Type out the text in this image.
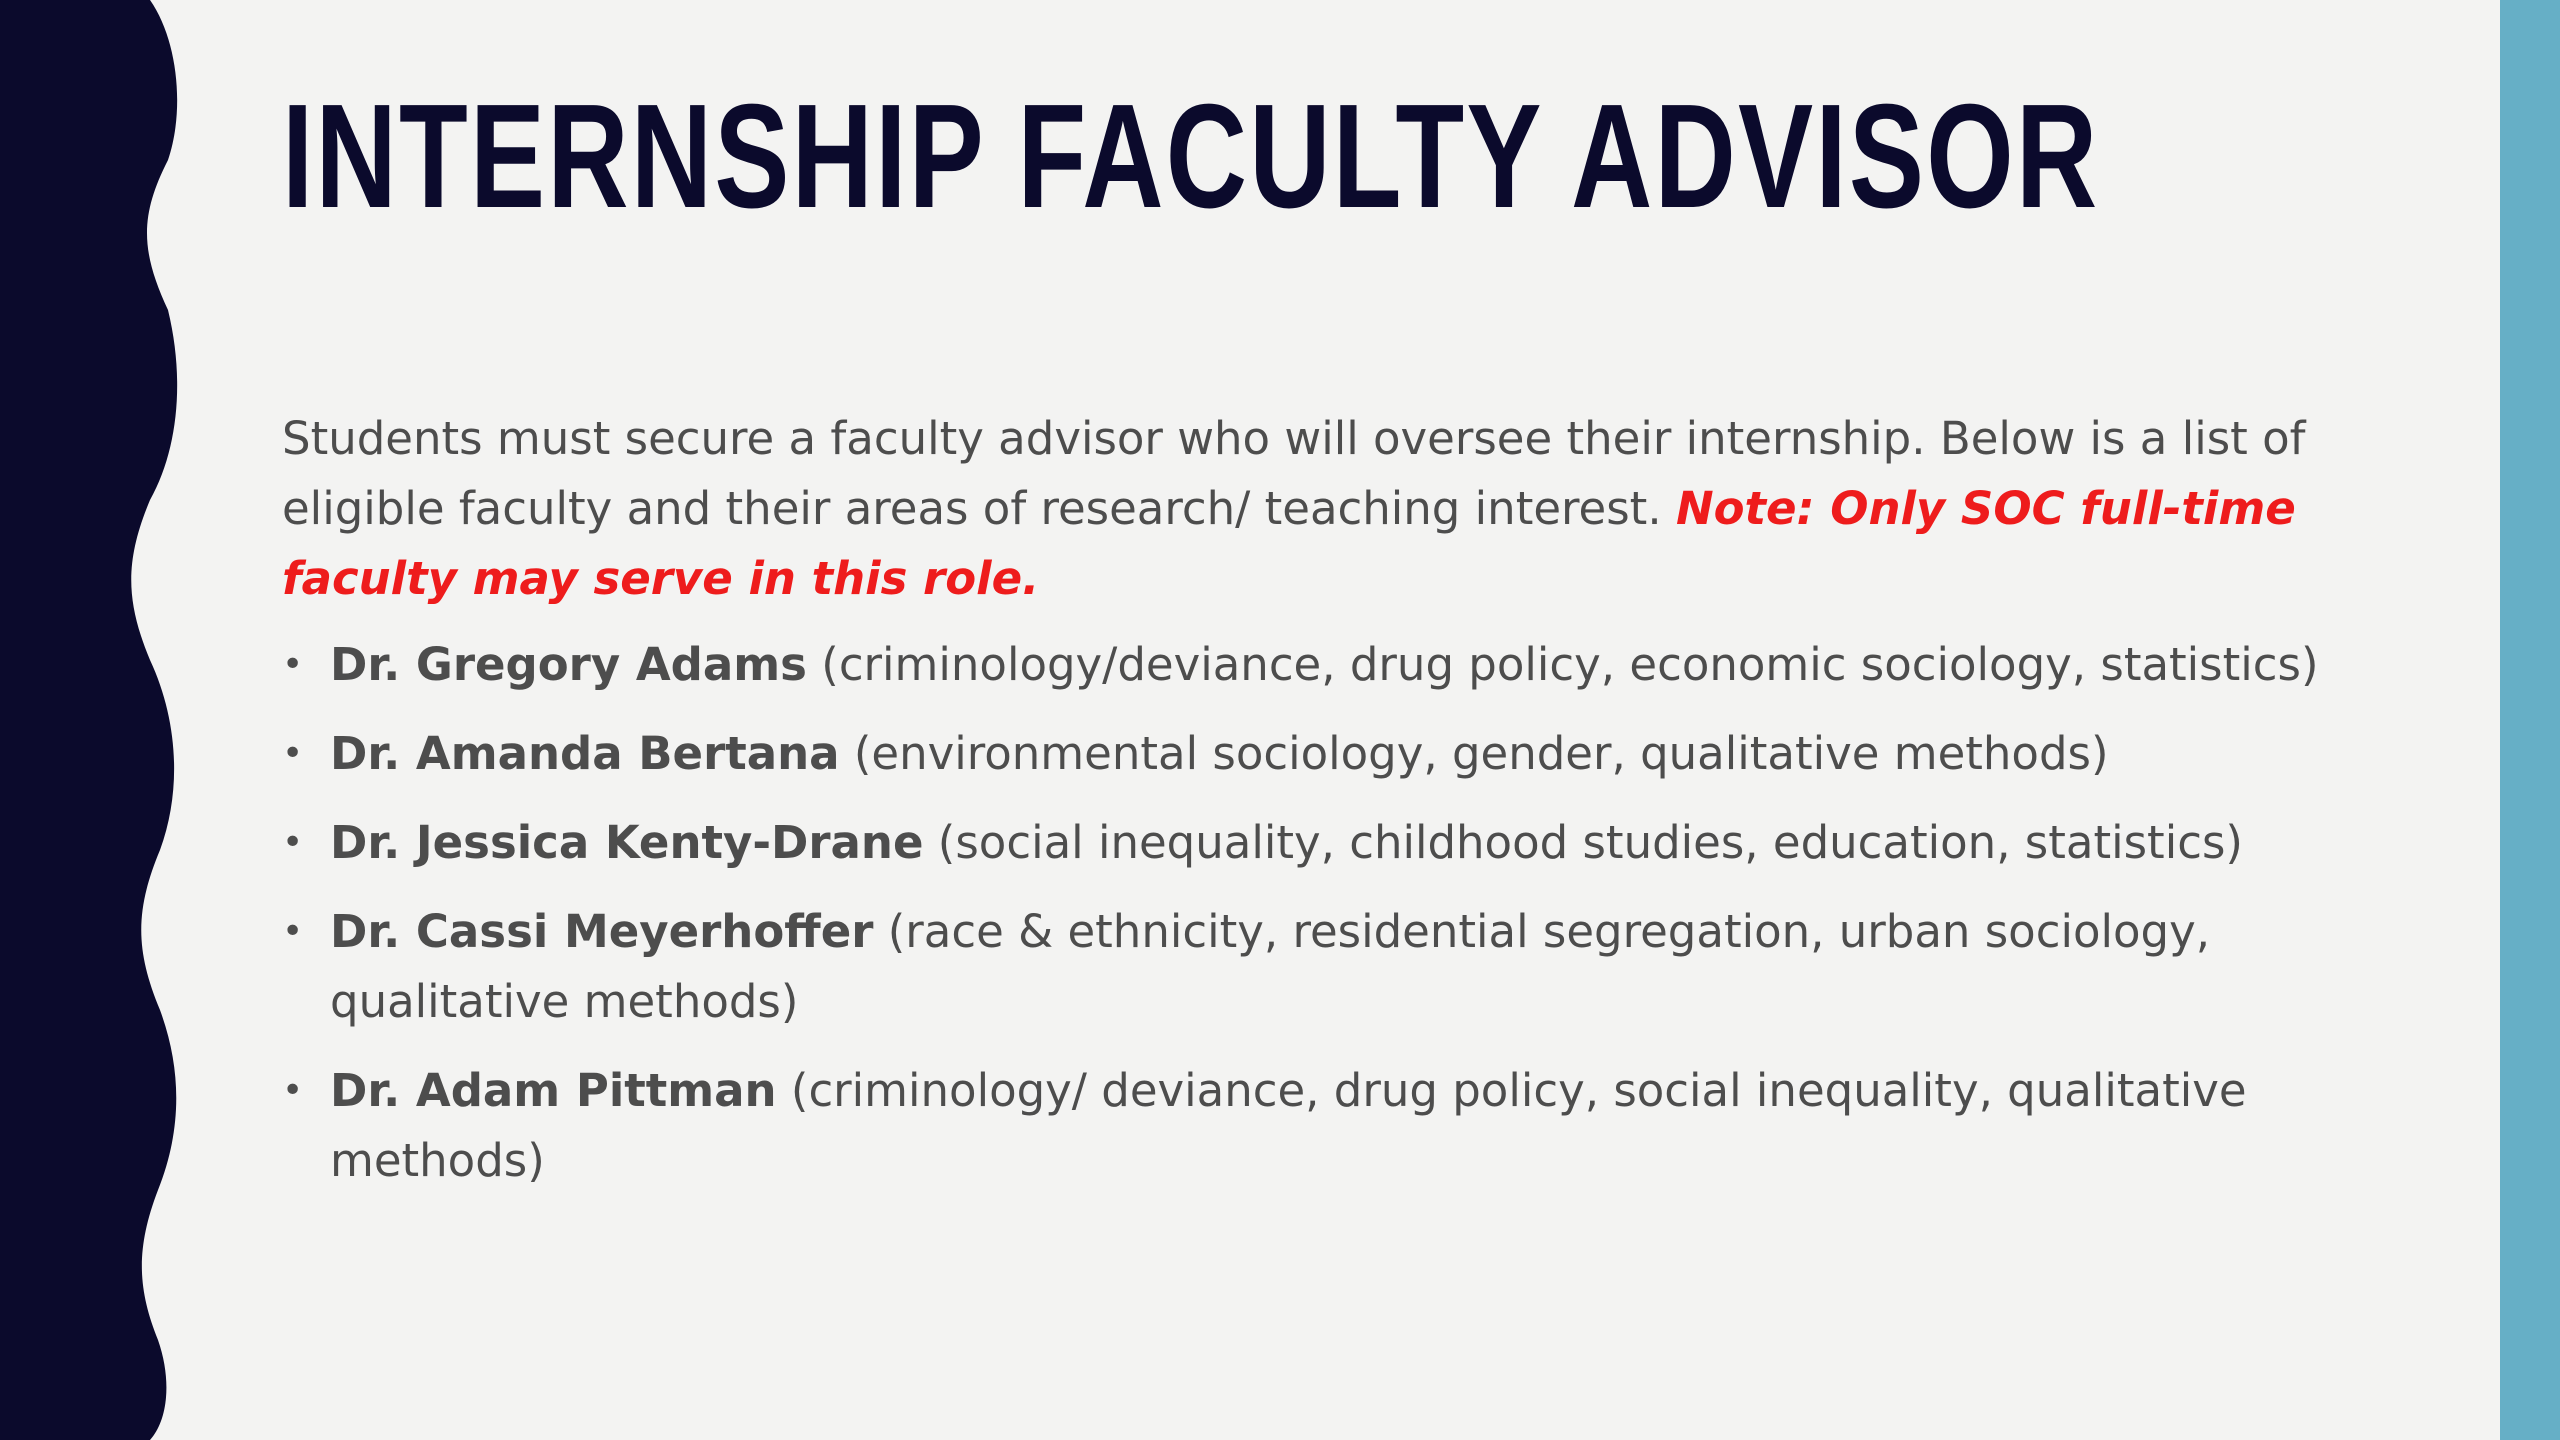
INTERNSHIP FACULTY ADVISOR

Students must secure a faculty advisor who will oversee their internship. Below is a list of eligible faculty and their areas of research/ teaching interest. Note: Only SOC full-time faculty may serve in this role.

• Dr. Gregory Adams (criminology/deviance, drug policy, economic sociology, statistics)
• Dr. Amanda Bertana (environmental sociology, gender, qualitative methods)
• Dr. Jessica Kenty-Drane (social inequality, childhood studies, education, statistics)
• Dr. Cassi Meyerhoffer (race & ethnicity, residential segregation, urban sociology, qualitative methods)
• Dr. Adam Pittman (criminology/ deviance, drug policy, social inequality, qualitative methods)
